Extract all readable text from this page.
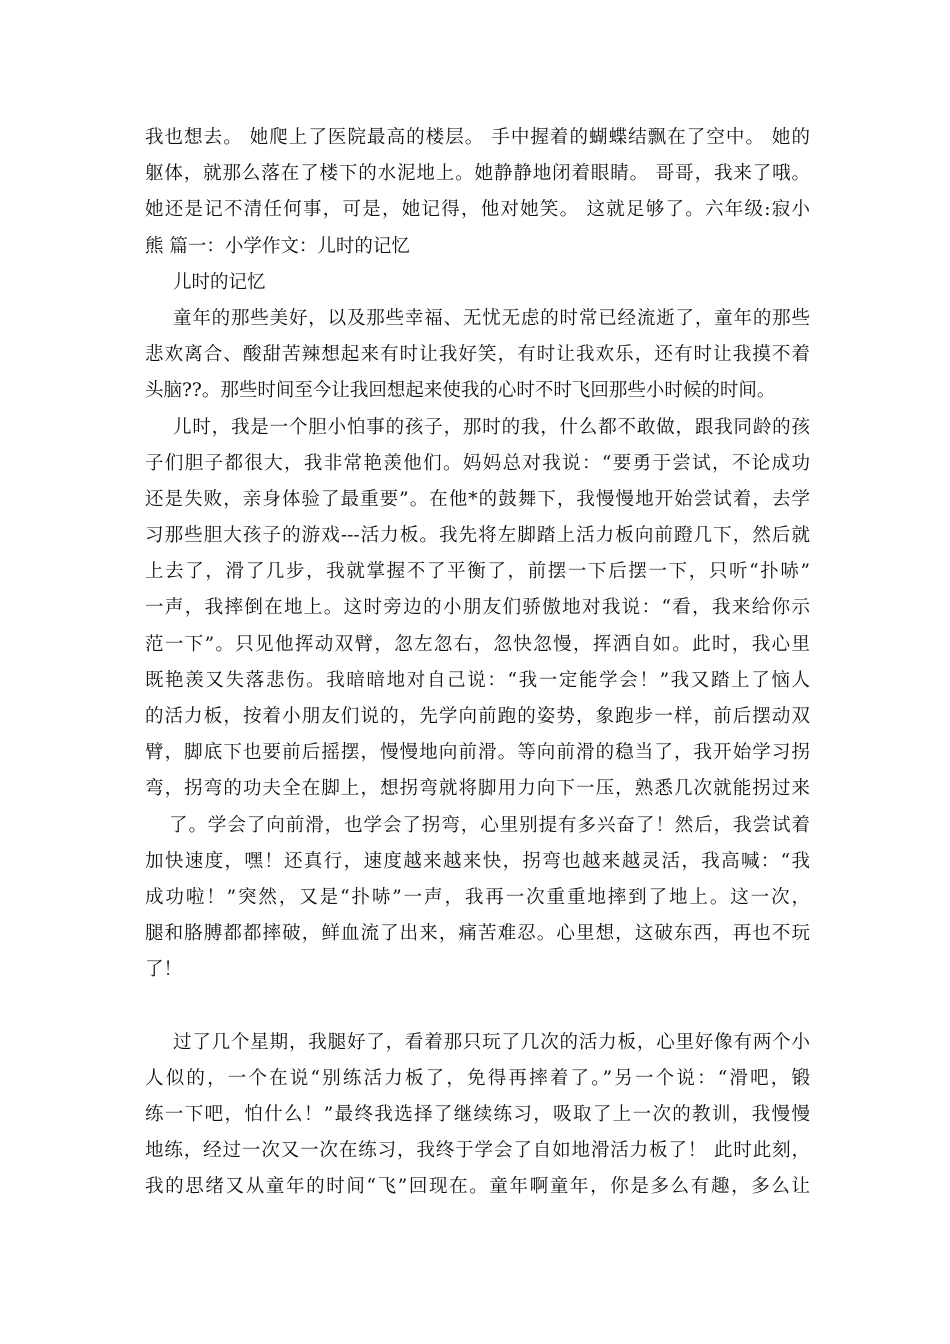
我也想去。 她爬上了医院最高的楼层。 手中握着的蝴蝶结飘在了空中。 她的
躯体，就那么落在了楼下的水泥地上。她静静地闭着眼睛。 哥哥，我来了哦。
她还是记不清任何事，可是，她记得，他对她笑。 这就足够了。六年级:寂小
熊 篇一：小学作文：儿时的记忆
儿时的记忆
童年的那些美好，以及那些幸福、无忧无虑的时常已经流逝了，童年的那些
悲欢离合、酸甜苦辣想起来有时让我好笑，有时让我欢乐，还有时让我摸不着
头脑??。那些时间至今让我回想起来使我的心时不时飞回那些小时候的时间。
儿时，我是一个胆小怕事的孩子，那时的我，什么都不敢做，跟我同龄的孩
子们胆子都很大，我非常艳羡他们。妈妈总对我说：“要勇于尝试，不论成功
还是失败，亲身体验了最重要”。在他*的鼓舞下，我慢慢地开始尝试着，去学
习那些胆大孩子的游戏---活力板。我先将左脚踏上活力板向前蹬几下，然后就
上去了，滑了几步，我就掌握不了平衡了，前摆一下后摆一下，只听“扑哧”
一声，我摔倒在地上。这时旁边的小朋友们骄傲地对我说：“看，我来给你示
范一下”。只见他挥动双臂，忽左忽右，忽快忽慢，挥洒自如。此时，我心里
既艳羡又失落悲伤。我暗暗地对自己说：“我一定能学会！”我又踏上了恼人
的活力板，按着小朋友们说的，先学向前跑的姿势，象跑步一样，前后摆动双
臂，脚底下也要前后摇摆，慢慢地向前滑。等向前滑的稳当了，我开始学习拐
弯，拐弯的功夫全在脚上，想拐弯就将脚用力向下一压，熟悉几次就能拐过来
了。学会了向前滑，也学会了拐弯，心里别提有多兴奋了！然后，我尝试着
加快速度，嘿！还真行，速度越来越来快，拐弯也越来越灵活，我高喊：“我
成功啦！”突然，又是“扑哧”一声，我再一次重重地摔到了地上。这一次，
腿和胳膊都都摔破，鲜血流了出来，痛苦难忍。心里想，这破东西，再也不玩
了！
过了几个星期，我腿好了，看着那只玩了几次的活力板，心里好像有两个小
人似的，一个在说“别练活力板了，免得再摔着了。”另一个说：“滑吧，锻
练一下吧，怕什么！”最终我选择了继续练习，吸取了上一次的教训，我慢慢
地练，经过一次又一次在练习，我终于学会了自如地滑活力板了！ 此时此刻，
我的思绪又从童年的时间“飞”回现在。童年啊童年，你是多么有趣，多么让
